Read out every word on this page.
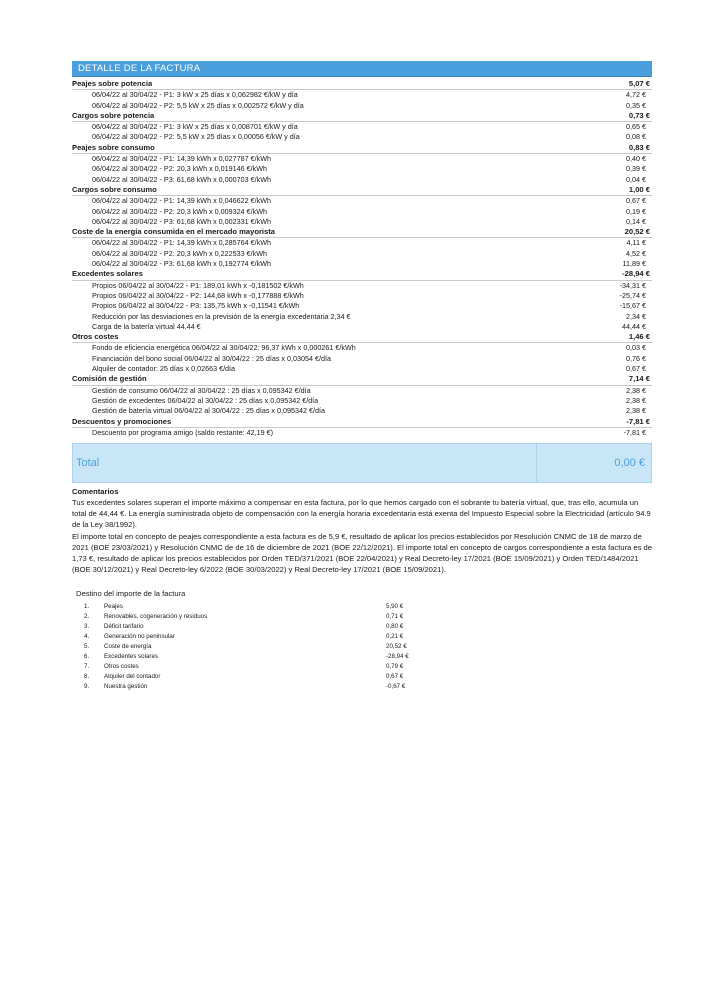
DETALLE DE LA FACTURA
Peajes sobre potencia	5,07 €
06/04/22 al 30/04/22 - P1: 3 kW x 25 días x 0,062982 €/kW y día	4,72 €
06/04/22 al 30/04/22 - P2: 5,5 kW x 25 días x 0,002572 €/kW y día	0,35 €
Cargos sobre potencia	0,73 €
06/04/22 al 30/04/22 - P1: 3 kW x 25 días x 0,008701 €/kW y día	0,65 €
06/04/22 al 30/04/22 - P2: 5,5 kW x 25 días x 0,00056 €/kW y día	0,08 €
Peajes sobre consumo	0,83 €
06/04/22 al 30/04/22 - P1: 14,39 kWh x 0,027787 €/kWh	0,40 €
06/04/22 al 30/04/22 - P2: 20,3 kWh x 0,019146 €/kWh	0,39 €
06/04/22 al 30/04/22 - P3: 61,68 kWh x 0,000703 €/kWh	0,04 €
Cargos sobre consumo	1,00 €
06/04/22 al 30/04/22 - P1: 14,39 kWh x 0,046622 €/kWh	0,67 €
06/04/22 al 30/04/22 - P2: 20,3 kWh x 0,009324 €/kWh	0,19 €
06/04/22 al 30/04/22 - P3: 61,68 kWh x 0,002331 €/kWh	0,14 €
Coste de la energía consumida en el mercado mayorista	20,52 €
06/04/22 al 30/04/22 - P1: 14,39 kWh x 0,285764 €/kWh	4,11 €
06/04/22 al 30/04/22 - P2: 20,3 kWh x 0,222533 €/kWh	4,52 €
06/04/22 al 30/04/22 - P3: 61,68 kWh x 0,192774 €/kWh	11,89 €
Excedentes solares	-28,94 €
Propios 06/04/22 al 30/04/22 - P1: 189,01 kWh x -0,181502 €/kWh	-34,31 €
Propios 06/04/22 al 30/04/22 - P2: 144,68 kWh x -0,177888 €/kWh	-25,74 €
Propios 06/04/22 al 30/04/22 - P3: 135,75 kWh x -0,11541 €/kWh	-15,67 €
Reducción por las desviaciones en la previsión de la energía excedentaria 2,34 €	2,34 €
Carga de la batería virtual 44,44 €	44,44 €
Otros costes	1,46 €
Fondo de eficiencia energética 06/04/22 al 30/04/22: 96,37 kWh x 0,000261 €/kWh	0,03 €
Financiación del bono social 06/04/22 al 30/04/22 : 25 días x 0,03054 €/día	0,76 €
Alquiler de contador: 25 días x 0,02663 €/día	0,67 €
Comisión de gestión	7,14 €
Gestión de consumo 06/04/22 al 30/04/22 : 25 días x 0,095342 €/día	2,38 €
Gestión de excedentes 06/04/22 al 30/04/22 : 25 días x 0,095342 €/día	2,38 €
Gestión de batería virtual 06/04/22 al 30/04/22 : 25 días x 0,095342 €/día	2,38 €
Descuentos y promociones	-7,81 €
Descuento por programa amigo (saldo restante: 42,19 €)	-7,81 €
Total	0,00 €
Comentarios

Tus excedentes solares superan el importe máximo a compensar en esta factura, por lo que hemos cargado con el sobrante tu batería virtual, que, tras ello, acumula un total de 44,44 €. La energía suministrada objeto de compensación con la energía horaria excedentaria está exenta del Impuesto Especial sobre la Electricidad (artículo 94.9 de la Ley 38/1992).

El importe total en concepto de peajes correspondiente a esta factura es de 5,9 €, resultado de aplicar los precios establecidos por Resolución CNMC de 18 de marzo de 2021 (BOE 23/03/2021) y Resolución CNMC de de 16 de diciembre de 2021 (BOE 22/12/2021). El importe total en concepto de cargos correspondiente a esta factura es de 1,73 €, resultado de aplicar los precios establecidos por Orden TED/371/2021 (BOE 22/04/2021) y Real Decreto-ley 17/2021 (BOE 15/09/2021) y Orden TED/1484/2021 (BOE 30/12/2021) y Real Decreto-ley 6/2022 (BOE 30/03/2022) y Real Decreto-ley 17/2021 (BOE 15/09/2021).

Destino del importe de la factura
1.	Peajes	5,90 €
2.	Renovables, cogeneración y residuos	0,71 €
3.	Déficit tarifario	0,80 €
4.	Generación no peninsular	0,21 €
5.	Coste de energía	20,52 €
6.	Excedentes solares	-28,94 €
7.	Otros costes	0,79 €
8.	Alquiler del contador	0,67 €
9.	Nuestra gestión	-0,67 €
